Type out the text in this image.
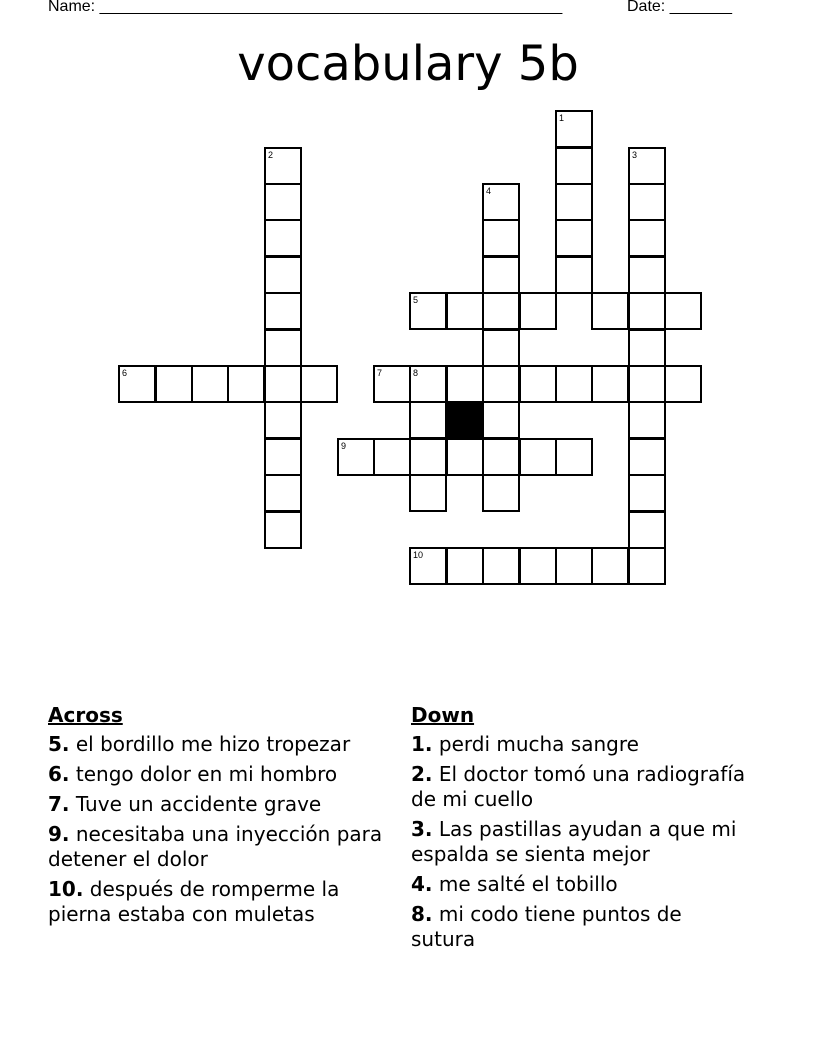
Name: ____________________________________________________	Date: _______
vocabulary 5b
1
2	3
4
5
6	7	8
9
10
Across
5. el bordillo me hizo tropezar
6. tengo dolor en mi hombro
7. Tuve un accidente grave
9. necesitaba una inyección para detener el dolor
10. después de romperme la pierna estaba con muletas
Down
1. perdi mucha sangre
2. El doctor tomó una radiografía de mi cuello
3. Las pastillas ayudan a que mi espalda se sienta mejor
4. me salté el tobillo
8. mi codo tiene puntos de sutura
